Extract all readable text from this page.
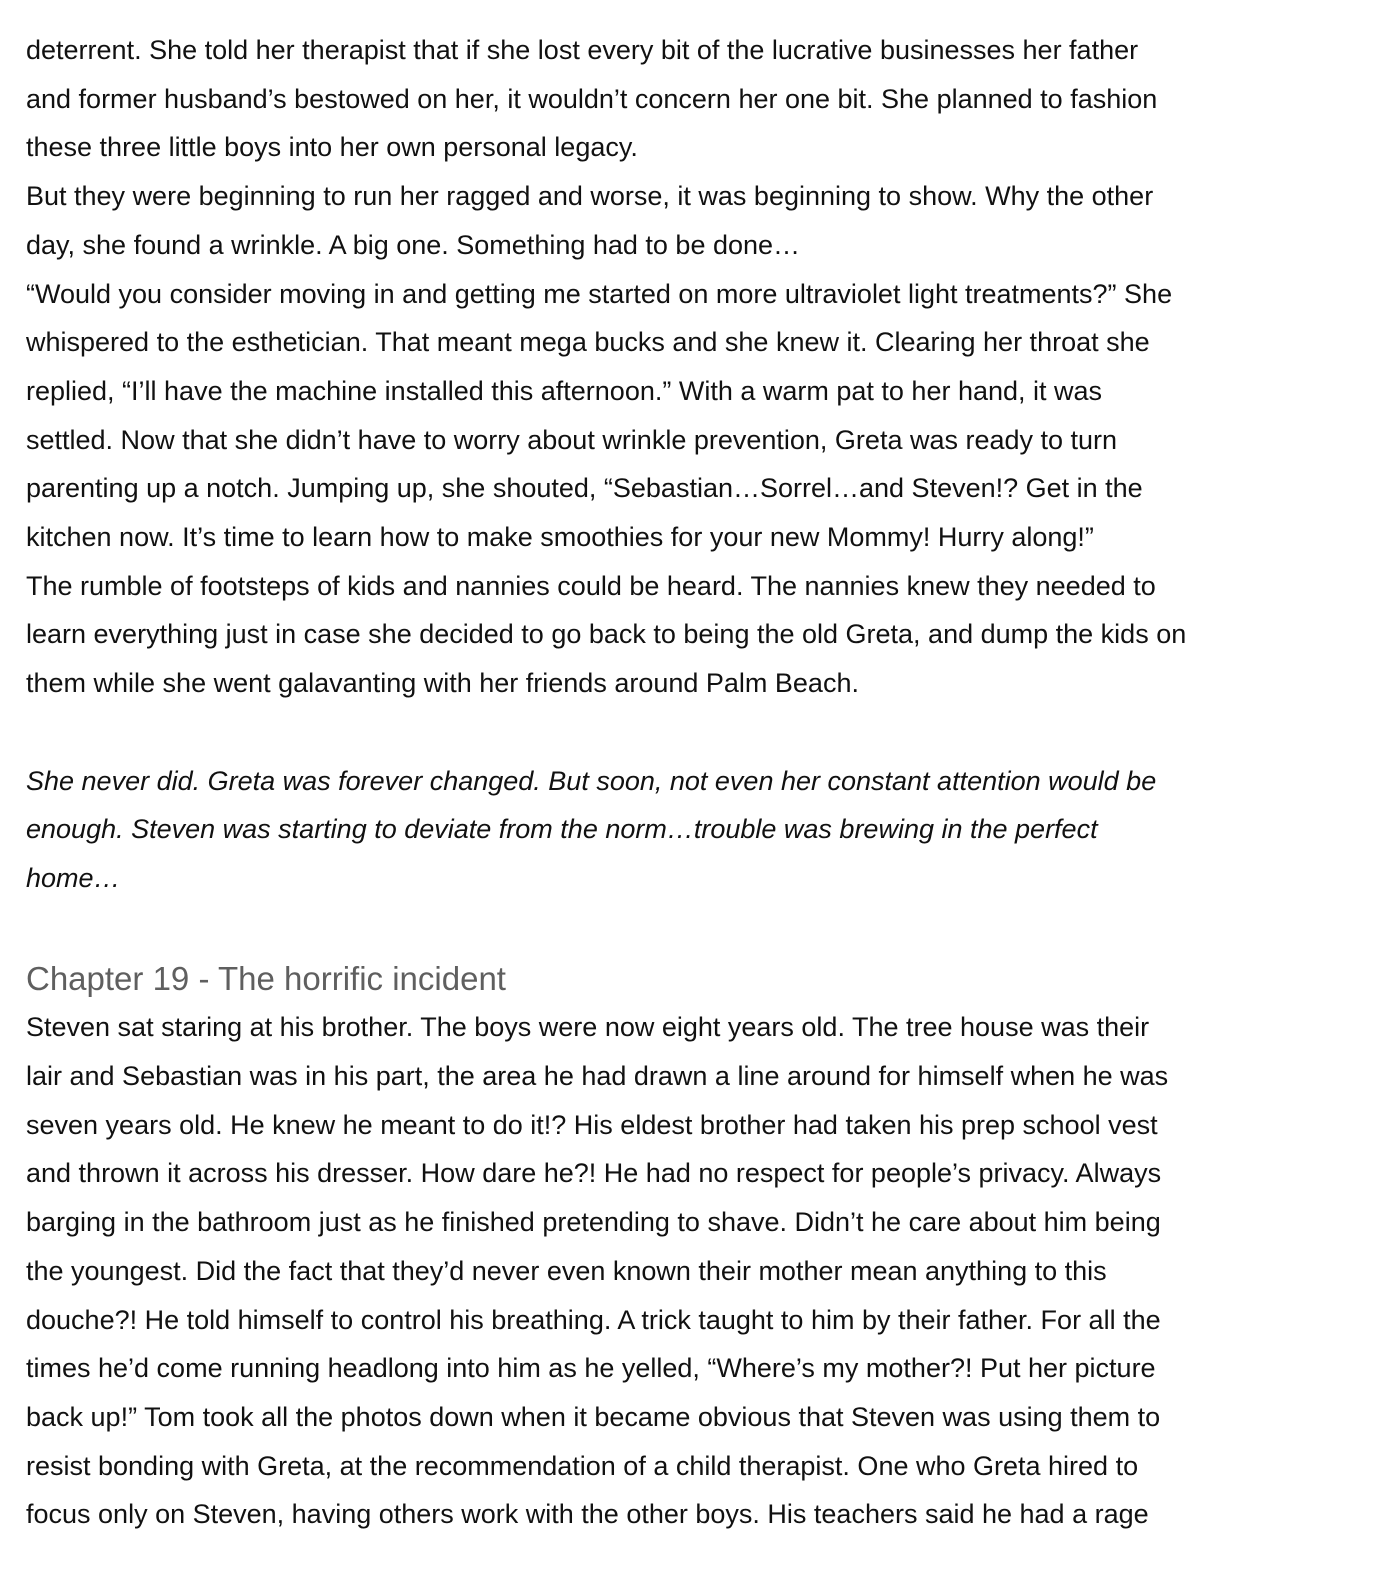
deterrent. She told her therapist that if she lost every bit of the lucrative businesses her father
and former husband’s bestowed on her, it wouldn’t concern her one bit. She planned to fashion
these three little boys into her own personal legacy.

But they were beginning to run her ragged and worse, it was beginning to show. Why the other
day, she found a wrinkle. A big one. Something had to be done…

“Would you consider moving in and getting me started on more ultraviolet light treatments?” She
whispered to the esthetician. That meant mega bucks and she knew it. Clearing her throat she
replied, “I’ll have the machine installed this afternoon.” With a warm pat to her hand, it was
settled. Now that she didn’t have to worry about wrinkle prevention, Greta was ready to turn
parenting up a notch. Jumping up, she shouted, “Sebastian…Sorrel…and Steven!? Get in the
kitchen now. It’s time to learn how to make smoothies for your new Mommy! Hurry along!”

The rumble of footsteps of kids and nannies could be heard. The nannies knew they needed to
learn everything just in case she decided to go back to being the old Greta, and dump the kids on
them while she went galavanting with her friends around Palm Beach.

She never did. Greta was forever changed. But soon, not even her constant attention would be
enough. Steven was starting to deviate from the norm…trouble was brewing in the perfect
home…

Chapter 19 - The horrific incident

Steven sat staring at his brother. The boys were now eight years old. The tree house was their
lair and Sebastian was in his part, the area he had drawn a line around for himself when he was
seven years old. He knew he meant to do it!? His eldest brother had taken his prep school vest
and thrown it across his dresser. How dare he?! He had no respect for people’s privacy. Always
barging in the bathroom just as he finished pretending to shave. Didn’t he care about him being
the youngest. Did the fact that they’d never even known their mother mean anything to this
douche?! He told himself to control his breathing. A trick taught to him by their father. For all the
times he’d come running headlong into him as he yelled, “Where’s my mother?! Put her picture
back up!” Tom took all the photos down when it became obvious that Steven was using them to
resist bonding with Greta, at the recommendation of a child therapist. One who Greta hired to
focus only on Steven, having others work with the other boys. His teachers said he had a rage
